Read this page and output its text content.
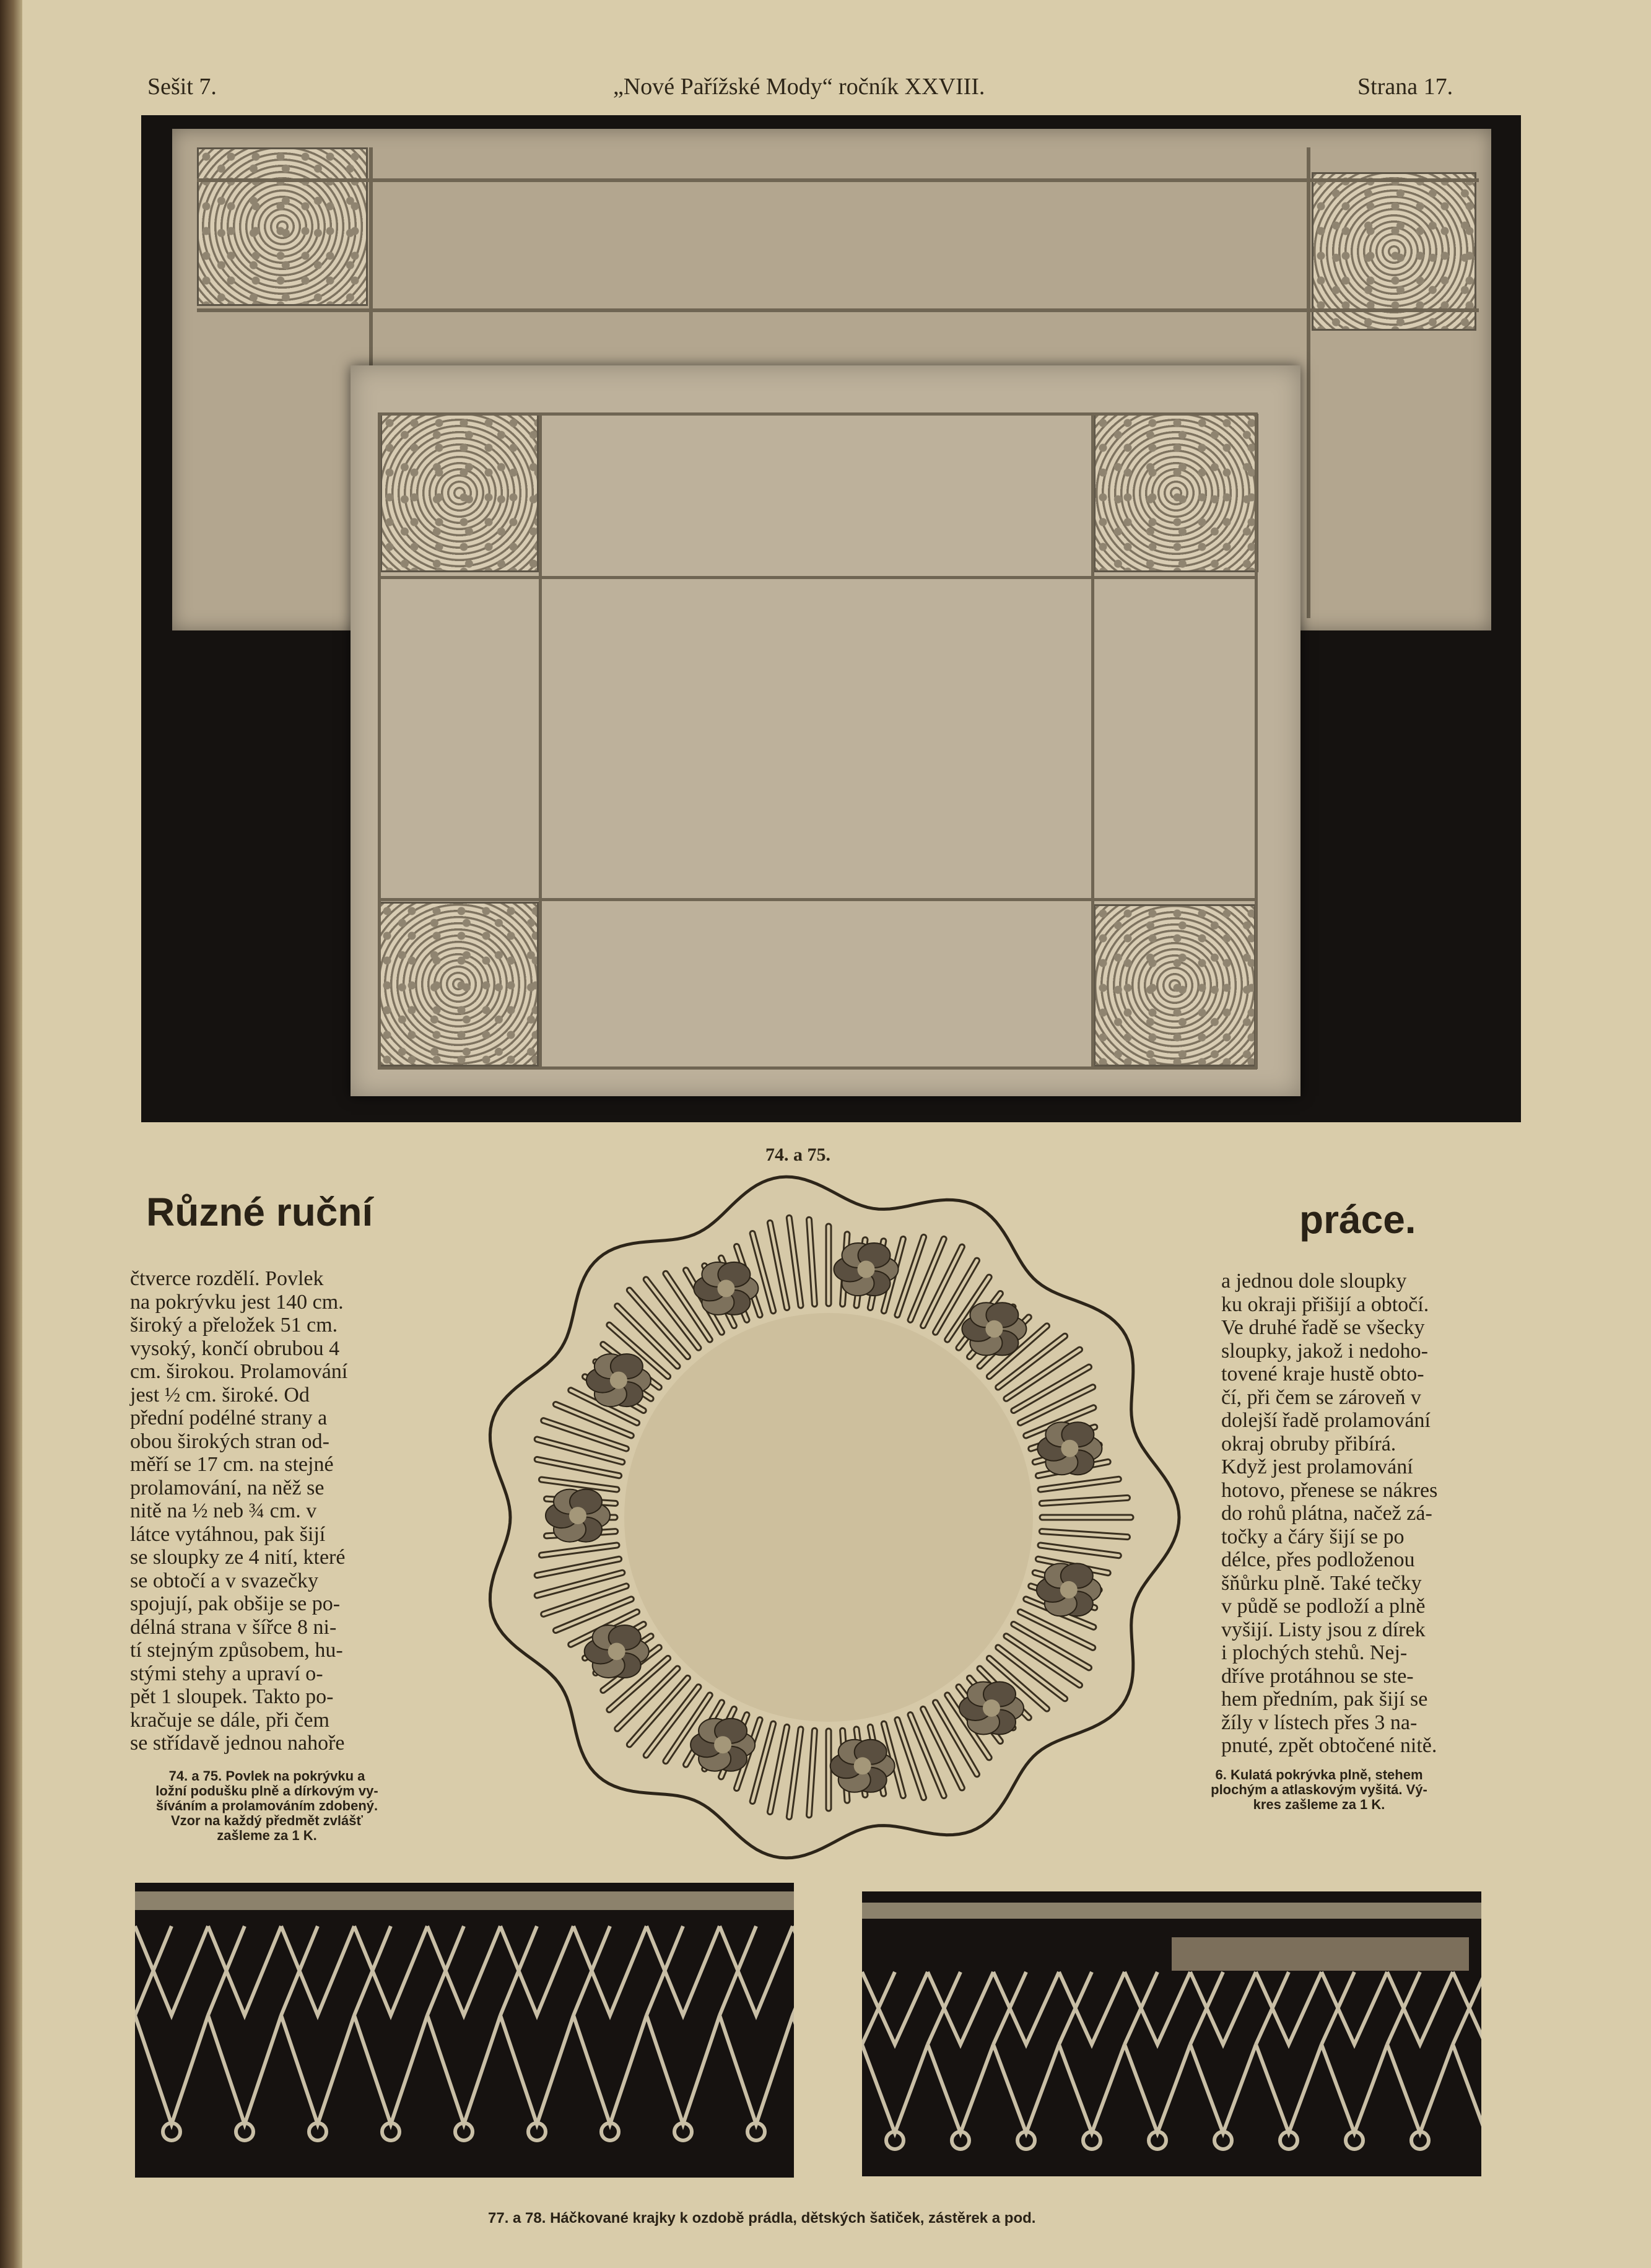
Sešit 7.	„Nové Pařížské Mody“ ročník XXVIII.	Strana 17.
74. a 75.
Různé ruční	práce.
čtverce rozdělí. Povlek
na pokrývku jest 140 cm.
široký a přeložek 51 cm.
vysoký, končí obrubou 4
cm. širokou. Prolamování
jest ½ cm. široké. Od
přední podélné strany a
obou širokých stran od-
měří se 17 cm. na stejné
prolamování, na něž se
nitě na ½ neb ¾ cm. v
látce vytáhnou, pak šijí
se sloupky ze 4 nití, které
se obtočí a v svazečky
spojují, pak obšije se po-
délná strana v šířce 8 ni-
tí stejným způsobem, hu-
stými stehy a upraví o-
pět 1 sloupek. Takto po-
kračuje se dále, při čem
se střídavě jednou nahoře
a jednou dole sloupky
ku okraji přišijí a obtočí.
Ve druhé řadě se všecky
sloupky, jakož i nedoho-
tovené kraje hustě obto-
čí, při čem se zároveň v
dolejší řadě prolamování
okraj obruby přibírá.
Když jest prolamování
hotovo, přenese se nákres
do rohů plátna, načež zá-
točky a čáry šijí se po
délce, přes podloženou
šňůrku plně. Také tečky
v půdě se podloží a plně
vyšijí. Listy jsou z dírek
i plochých stehů. Nej-
dříve protáhnou se ste-
hem předním, pak šijí se
žíly v lístech přes 3 na-
pnuté, zpět obtočené nitě.
74. a 75. Povlek na pokrývku a
ložní podušku plně a dírkovým vy-
šíváním a prolamováním zdobený.
Vzor na každý předmět zvlášť
zašleme za 1 K.
6. Kulatá pokrývka plně, stehem
plochým a atlaskovým vyšitá. Vý-
kres zašleme za 1 K.
77. a 78. Háčkované krajky k ozdobě prádla, dětských šatiček, zástěrek a pod.
